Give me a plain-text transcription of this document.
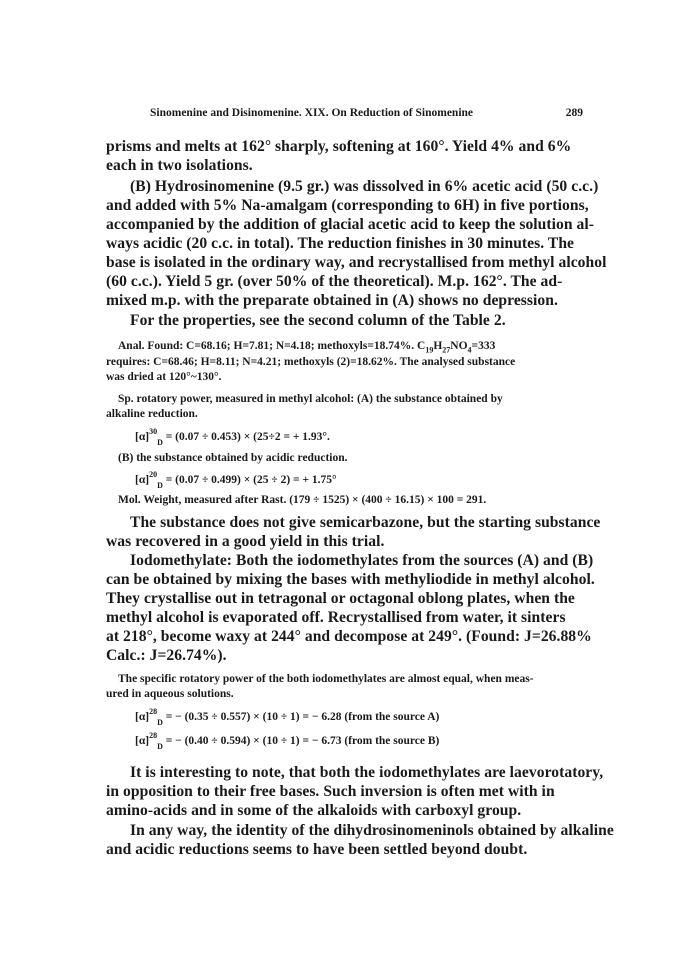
Sinomenine and Disinomenine. XIX. On Reduction of Sinomenine	289
prisms and melts at 162° sharply, softening at 160°. Yield 4% and 6%
each in two isolations.
(B) Hydrosinomenine (9.5 gr.) was dissolved in 6% acetic acid (50 c.c.)
and added with 5% Na-amalgam (corresponding to 6H) in five portions,
accompanied by the addition of glacial acetic acid to keep the solution al-
ways acidic (20 c.c. in total). The reduction finishes in 30 minutes. The
base is isolated in the ordinary way, and recrystallised from methyl alcohol
(60 c.c.). Yield 5 gr. (over 50% of the theoretical). M.p. 162°. The ad-
mixed m.p. with the preparate obtained in (A) shows no depression.
For the properties, see the second column of the Table 2.
Anal. Found: C=68.16; H=7.81; N=4.18; methoxyls=18.74%. $C_{19}H_{27}NO_4=333$
requires: C=68.46; H=8.11; N=4.21; methoxyls (2)=18.62%. The analysed substance
was dried at 120°~130°.
Sp. rotatory power, measured in methyl alcohol: (A) the substance obtained by
alkaline reduction.
$[\alpha]^{30}_D = (0.07 \div 0.453) \times (25\div 2$ = + 1.93°.
(B) the substance obtained by acidic reduction.
$[\alpha]^{20}_D = (0.07 \div 0.499) \times (25 \div 2)$ = + 1.75°
Mol. Weight, measured after Rast. (179 ÷ 1525) × (400 ÷ 16.15) × 100 = 291.
The substance does not give semicarbazone, but the starting substance
was recovered in a good yield in this trial.
Iodomethylate: Both the iodomethylates from the sources (A) and (B)
can be obtained by mixing the bases with methyliodide in methyl alcohol.
They crystallise out in tetragonal or octagonal oblong plates, when the
methyl alcohol is evaporated off. Recrystallised from water, it sinters
at 218°, become waxy at 244° and decompose at 249°. (Found: J=26.88%
Calc.: J=26.74%).
The specific rotatory power of the both iodomethylates are almost equal, when meas-
ured in aqueous solutions.
$[\alpha]^{28}_D$ = − (0.35 ÷ 0.557) × (10 ÷ 1) = − 6.28 (from the source A)
$[\alpha]^{28}_D$ = − (0.40 ÷ 0.594) × (10 ÷ 1) = − 6.73 (from the source B)
It is interesting to note, that both the iodomethylates are laevorotatory,
in opposition to their free bases. Such inversion is often met with in
amino-acids and in some of the alkaloids with carboxyl group.
In any way, the identity of the dihydrosinomeninols obtained by alkaline
and acidic reductions seems to have been settled beyond doubt.
